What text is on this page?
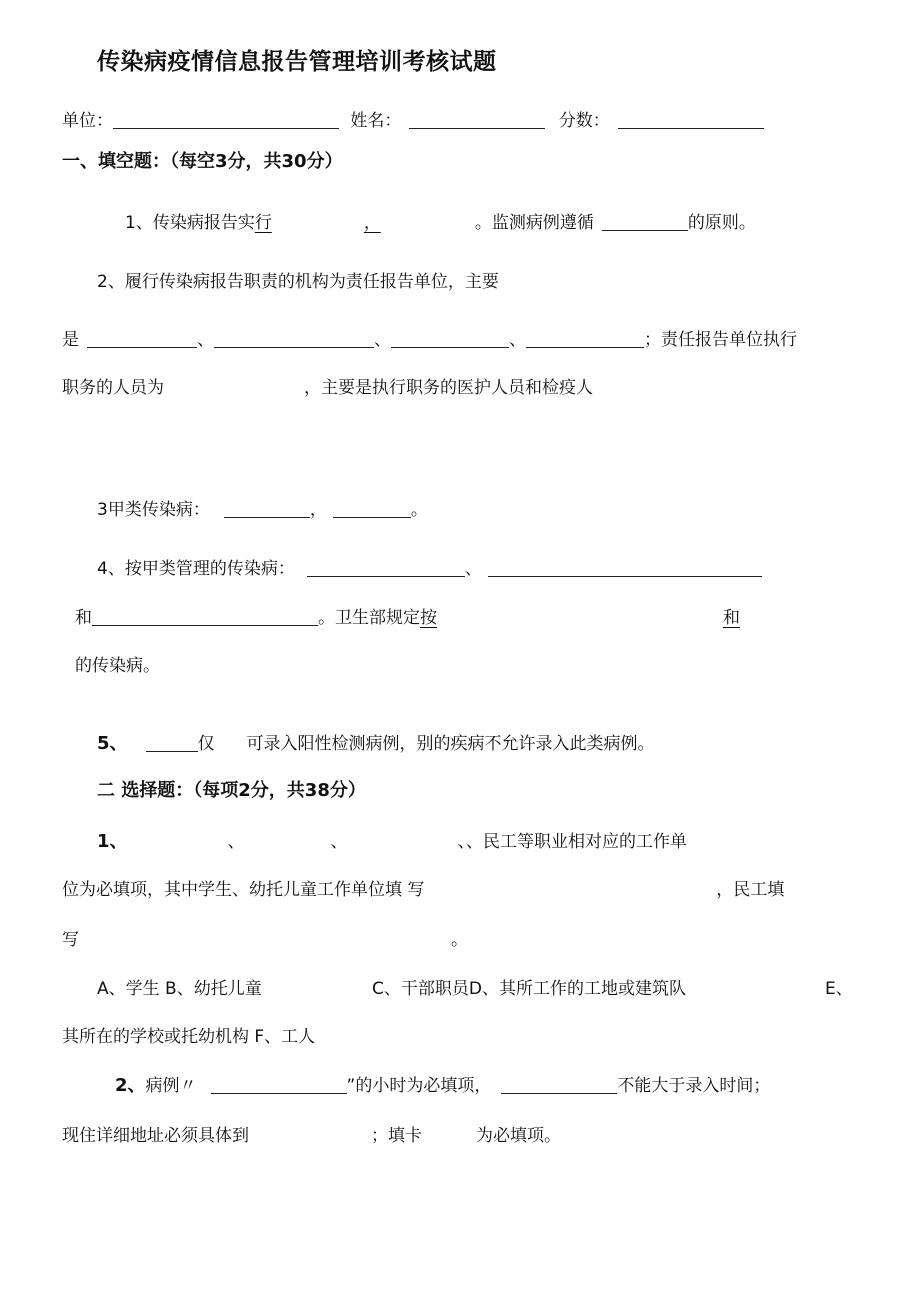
传染病疫情信息报告管理培训考核试题
单位：	姓名：	分数：
一、填空题：（每空3分，共30分）
1、传染病报告实行	，	。监测病例遵循	的原则。
2、履行传染病报告职责的机构为责任报告单位，主要
是	、	、	、	；责任报告单位执行
职务的人员为	，主要是执行职务的医护人员和检疫人
3甲类传染病：	，	。
4、按甲类管理的传染病：	、
和	。卫生部规定按	和
的传染病。
5、	仅 可录入阳性检测病例，别的疾病不允许录入此类病例。
二 选择题：（每项2分，共38分）
1、	、	、	、、民工等职业相对应的工作单
位为必填项，其中学生、幼托儿童工作单位填 写	，民工填
写	。
A、学生 B、幼托儿童	C、干部职员D、其所工作的工地或建筑队	E、
其所在的学校或托幼机构 F、工人
2、病例〃	”的小时为必填项，	不能大于录入时间；
现住详细地址必须具体到	；填卡	为必填项。
